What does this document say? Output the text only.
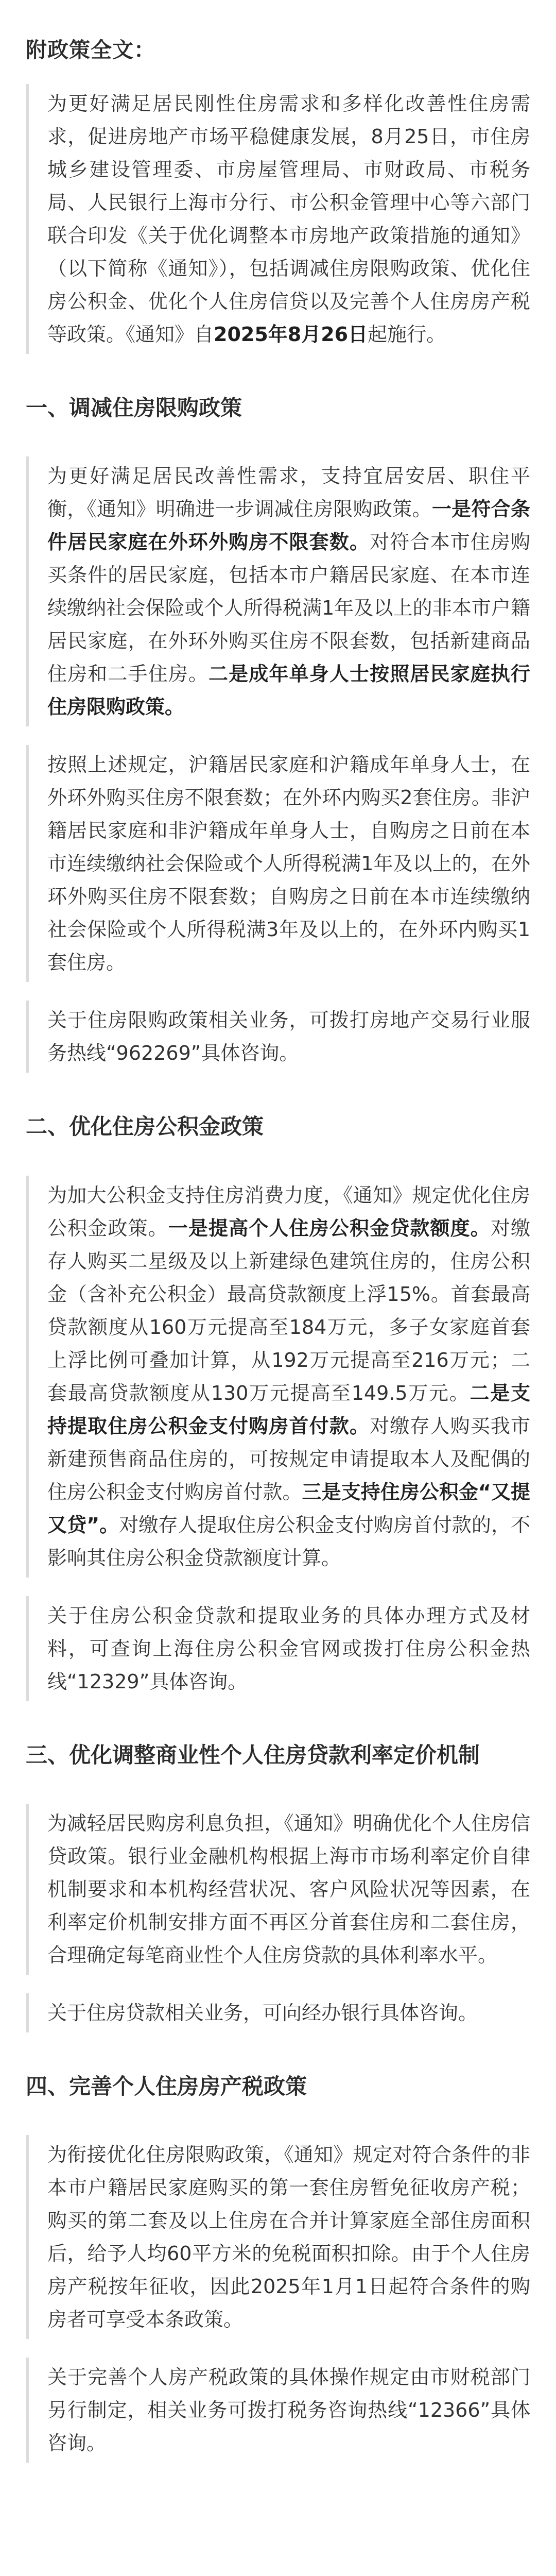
附政策全文：

为更好满足居民刚性住房需求和多样化改善性住房需求，促进房地产市场平稳健康发展，8月25日，市住房城乡建设管理委、市房屋管理局、市财政局、市税务局、人民银行上海市分行、市公积金管理中心等六部门联合印发《关于优化调整本市房地产政策措施的通知》（以下简称《通知》），包括调减住房限购政策、优化住房公积金、优化个人住房信贷以及完善个人住房房产税等政策。《通知》自2025年8月26日起施行。

一、调减住房限购政策

为更好满足居民改善性需求，支持宜居安居、职住平衡，《通知》明确进一步调减住房限购政策。一是符合条件居民家庭在外环外购房不限套数。对符合本市住房购买条件的居民家庭，包括本市户籍居民家庭、在本市连续缴纳社会保险或个人所得税满1年及以上的非本市户籍居民家庭，在外环外购买住房不限套数，包括新建商品住房和二手住房。二是成年单身人士按照居民家庭执行住房限购政策。

按照上述规定，沪籍居民家庭和沪籍成年单身人士，在外环外购买住房不限套数；在外环内购买2套住房。非沪籍居民家庭和非沪籍成年单身人士，自购房之日前在本市连续缴纳社会保险或个人所得税满1年及以上的，在外环外购买住房不限套数；自购房之日前在本市连续缴纳社会保险或个人所得税满3年及以上的，在外环内购买1套住房。

关于住房限购政策相关业务，可拨打房地产交易行业服务热线“962269”具体咨询。

二、优化住房公积金政策

为加大公积金支持住房消费力度，《通知》规定优化住房公积金政策。一是提高个人住房公积金贷款额度。对缴存人购买二星级及以上新建绿色建筑住房的，住房公积金（含补充公积金）最高贷款额度上浮15%。首套最高贷款额度从160万元提高至184万元，多子女家庭首套上浮比例可叠加计算，从192万元提高至216万元；二套最高贷款额度从130万元提高至149.5万元。二是支持提取住房公积金支付购房首付款。对缴存人购买我市新建预售商品住房的，可按规定申请提取本人及配偶的住房公积金支付购房首付款。三是支持住房公积金“又提又贷”。对缴存人提取住房公积金支付购房首付款的，不影响其住房公积金贷款额度计算。

关于住房公积金贷款和提取业务的具体办理方式及材料，可查询上海住房公积金官网或拨打住房公积金热线“12329”具体咨询。

三、优化调整商业性个人住房贷款利率定价机制

为减轻居民购房利息负担，《通知》明确优化个人住房信贷政策。银行业金融机构根据上海市市场利率定价自律机制要求和本机构经营状况、客户风险状况等因素，在利率定价机制安排方面不再区分首套住房和二套住房，合理确定每笔商业性个人住房贷款的具体利率水平。

关于住房贷款相关业务，可向经办银行具体咨询。

四、完善个人住房房产税政策

为衔接优化住房限购政策，《通知》规定对符合条件的非本市户籍居民家庭购买的第一套住房暂免征收房产税；购买的第二套及以上住房在合并计算家庭全部住房面积后，给予人均60平方米的免税面积扣除。由于个人住房房产税按年征收，因此2025年1月1日起符合条件的购房者可享受本条政策。

关于完善个人房产税政策的具体操作规定由市财税部门另行制定，相关业务可拨打税务咨询热线“12366”具体咨询。
